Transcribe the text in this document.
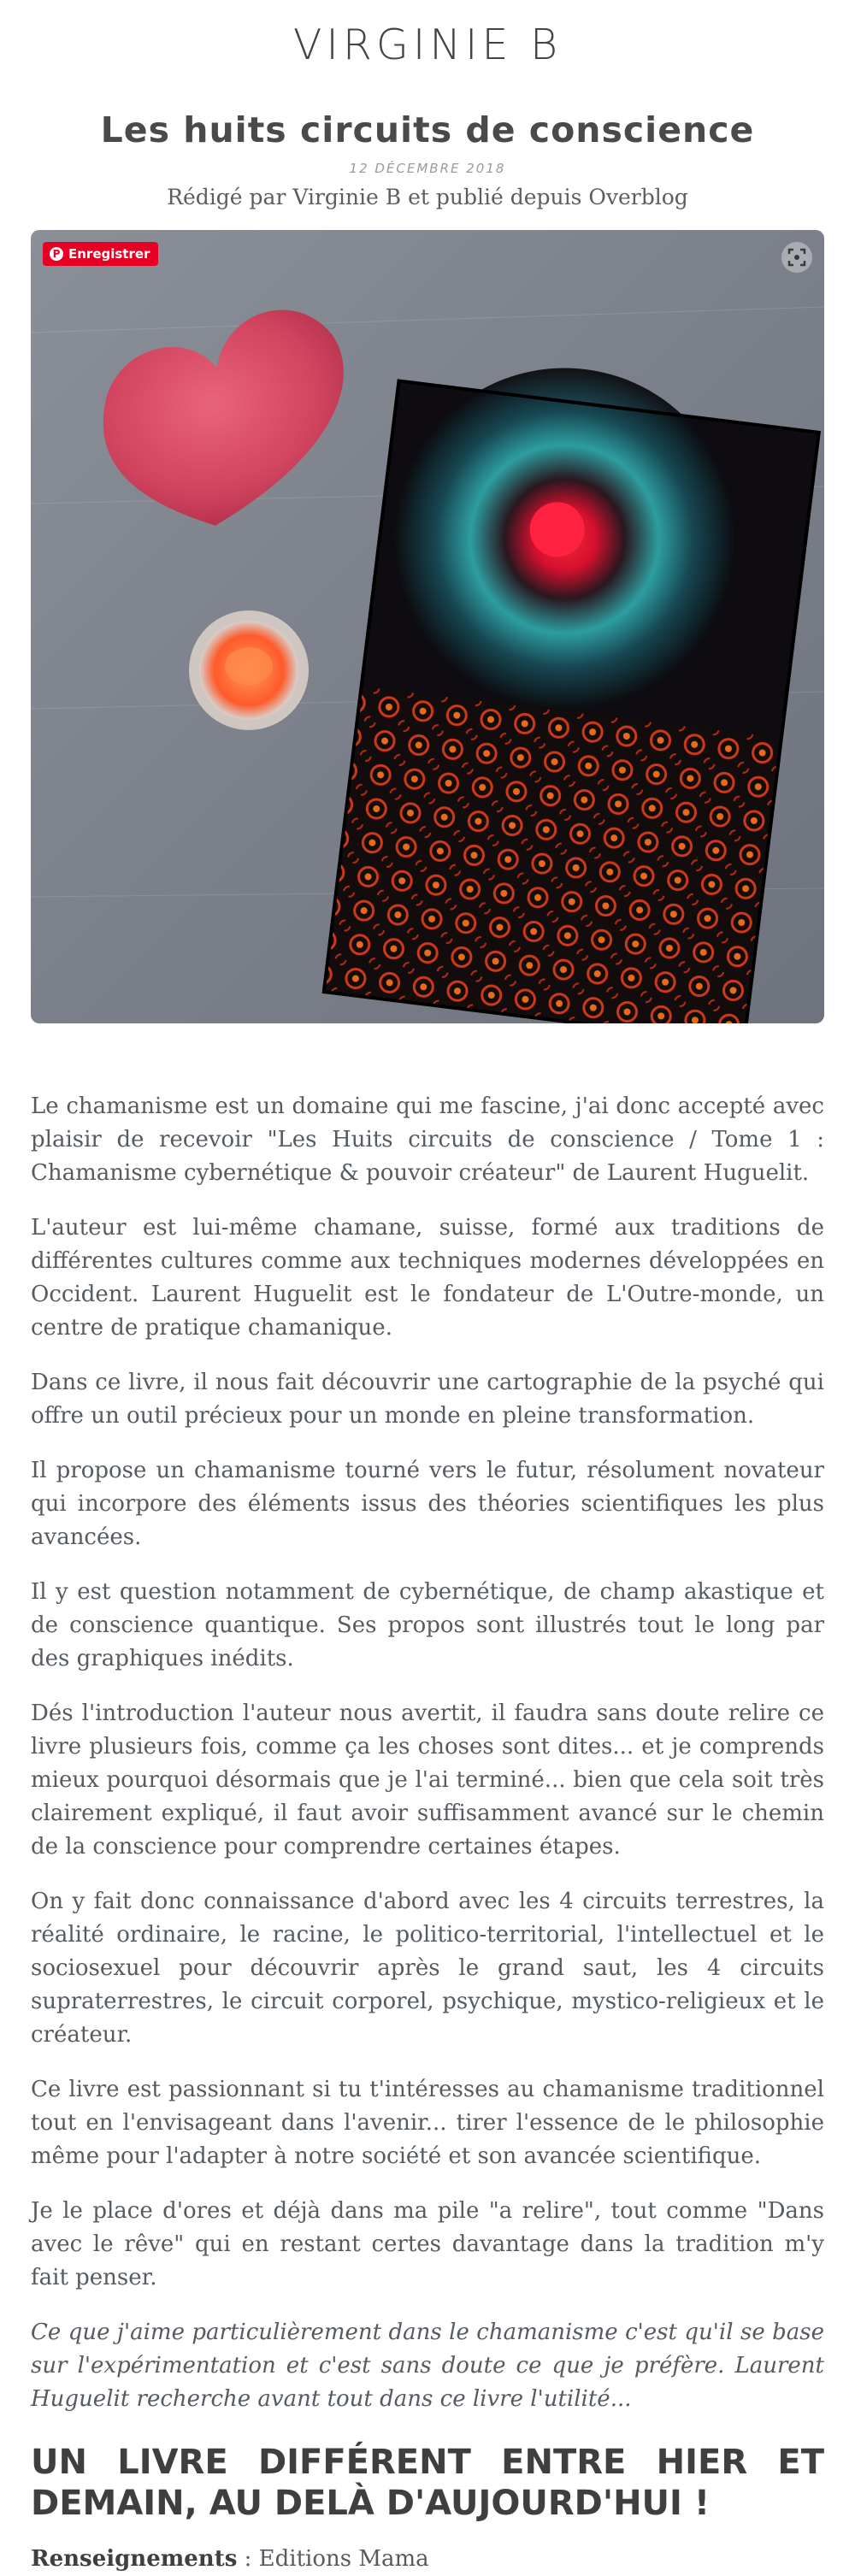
VIRGINIE B
Les huits circuits de conscience
12 DÉCEMBRE 2018
Rédigé par Virginie B et publié depuis Overblog
P Enregistrer

Le chamanisme est un domaine qui me fascine, j'ai donc accepté avec plaisir de recevoir "Les Huits circuits de conscience / Tome 1 : Chamanisme cybernétique & pouvoir créateur" de Laurent Huguelit.

L'auteur est lui-même chamane, suisse, formé aux traditions de différentes cultures comme aux techniques modernes développées en Occident. Laurent Huguelit est le fondateur de L'Outre-monde, un centre de pratique chamanique.

Dans ce livre, il nous fait découvrir une cartographie de la psyché qui offre un outil précieux pour un monde en pleine transformation.

Il propose un chamanisme tourné vers le futur, résolument novateur qui incorpore des éléments issus des théories scientifiques les plus avancées.

Il y est question notamment de cybernétique, de champ akastique et de conscience quantique. Ses propos sont illustrés tout le long par des graphiques inédits.

Dés l'introduction l'auteur nous avertit, il faudra sans doute relire ce livre plusieurs fois, comme ça les choses sont dites... et je comprends mieux pourquoi désormais que je l'ai terminé... bien que cela soit très clairement expliqué, il faut avoir suffisamment avancé sur le chemin de la conscience pour comprendre certaines étapes.

On y fait donc connaissance d'abord avec les 4 circuits terrestres, la réalité ordinaire, le racine, le politico-territorial, l'intellectuel et le sociosexuel pour découvrir après le grand saut, les 4 circuits supraterrestres, le circuit corporel, psychique, mystico-religieux et le créateur.

Ce livre est passionnant si tu t'intéresses au chamanisme traditionnel tout en l'envisageant dans l'avenir... tirer l'essence de le philosophie même pour l'adapter à notre société et son avancée scientifique.

Je le place d'ores et déjà dans ma pile "a relire", tout comme "Dans avec le rêve" qui en restant certes davantage dans la tradition m'y fait penser.

Ce que j'aime particulièrement dans le chamanisme c'est qu'il se base sur l'expérimentation et c'est sans doute ce que je préfère. Laurent Huguelit recherche avant tout dans ce livre l'utilité...

UN LIVRE DIFFÉRENT ENTRE HIER ET DEMAIN, AU DELÀ D'AUJOURD'HUI !

Renseignements : Editions Mama
